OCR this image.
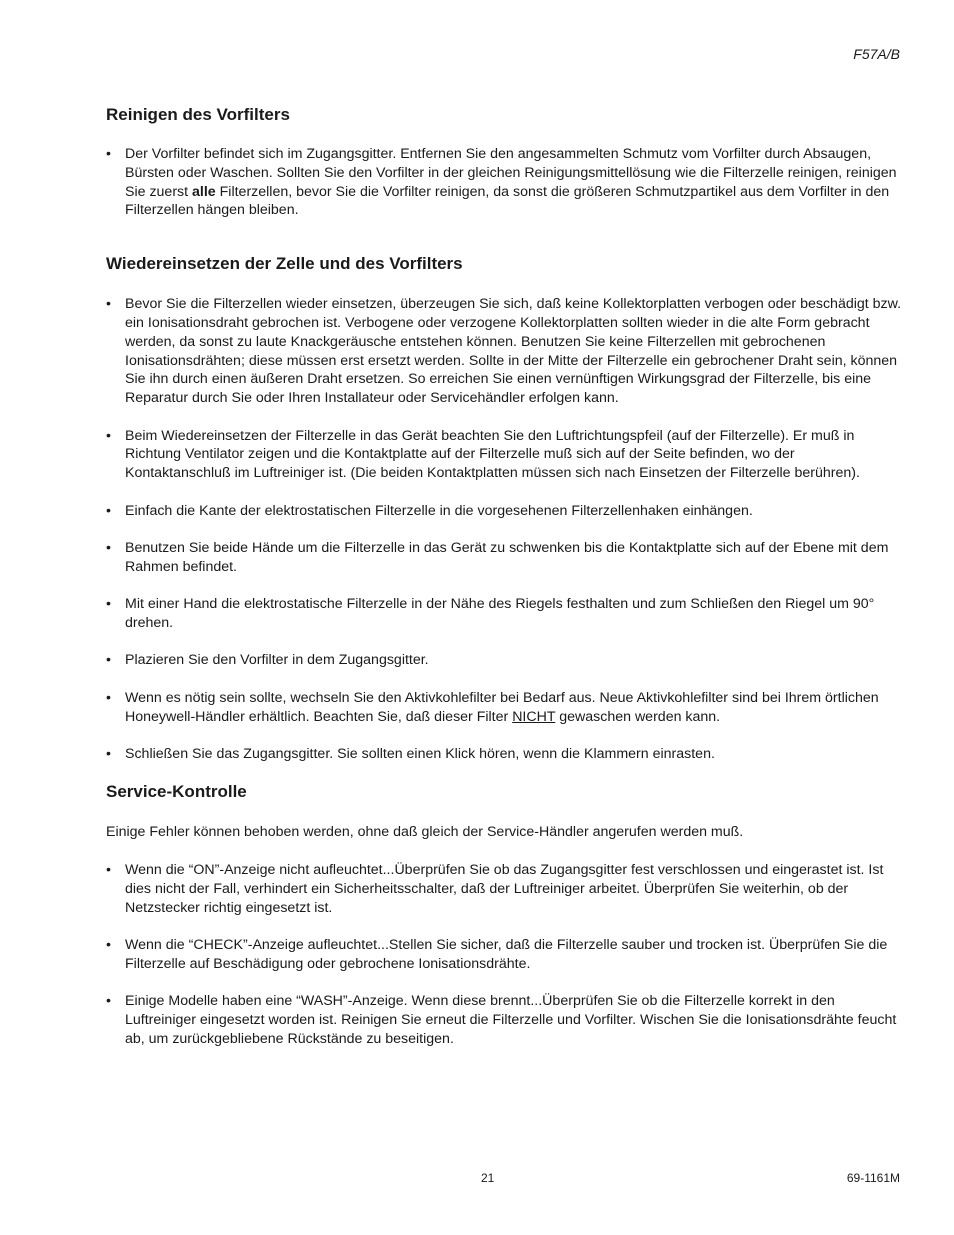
F57A/B
Reinigen des Vorfilters
• Der Vorfilter befindet sich im Zugangsgitter. Entfernen Sie den angesammelten Schmutz vom Vorfilter durch Absaugen, Bürsten oder Waschen. Sollten Sie den Vorfilter in der gleichen Reinigungsmittellösung wie die Filterzelle reinigen, reinigen Sie zuerst alle Filterzellen, bevor Sie die Vorfilter reinigen, da sonst die größeren Schmutzpartikel aus dem Vorfilter in den Filterzellen hängen bleiben.
Wiedereinsetzen der Zelle und des Vorfilters
• Bevor Sie die Filterzellen wieder einsetzen, überzeugen Sie sich, daß keine Kollektorplatten verbogen oder beschädigt bzw. ein Ionisationsdraht gebrochen ist. Verbogene oder verzogene Kollektorplatten sollten wieder in die alte Form gebracht werden, da sonst zu laute Knackgeräusche entstehen können. Benutzen Sie keine Filterzellen mit gebrochenen Ionisationsdrähten; diese müssen erst ersetzt werden. Sollte in der Mitte der Filterzelle ein gebrochener Draht sein, können Sie ihn durch einen äußeren Draht ersetzen. So erreichen Sie einen vernünftigen Wirkungsgrad der Filterzelle, bis eine Reparatur durch Sie oder Ihren Installateur oder Servicehändler erfolgen kann.
• Beim Wiedereinsetzen der Filterzelle in das Gerät beachten Sie den Luftrichtungspfeil (auf der Filterzelle). Er muß in Richtung Ventilator zeigen und die Kontaktplatte auf der Filterzelle muß sich auf der Seite befinden, wo der Kontaktanschluß im Luftreiniger ist. (Die beiden Kontaktplatten müssen sich nach Einsetzen der Filterzelle berühren).
• Einfach die Kante der elektrostatischen Filterzelle in die vorgesehenen Filterzellenhaken einhängen.
• Benutzen Sie beide Hände um die Filterzelle in das Gerät zu schwenken bis die Kontaktplatte sich auf der Ebene mit dem Rahmen befindet.
• Mit einer Hand die elektrostatische Filterzelle in der Nähe des Riegels festhalten und zum Schließen den Riegel um 90° drehen.
• Plazieren Sie den Vorfilter in dem Zugangsgitter.
• Wenn es nötig sein sollte, wechseln Sie den Aktivkohlefilter bei Bedarf aus. Neue Aktivkohlefilter sind bei Ihrem örtlichen Honeywell-Händler erhältlich. Beachten Sie, daß dieser Filter NICHT gewaschen werden kann.
• Schließen Sie das Zugangsgitter. Sie sollten einen Klick hören, wenn die Klammern einrasten.
Service-Kontrolle

Einige Fehler können behoben werden, ohne daß gleich der Service-Händler angerufen werden muß.

• Wenn die “ON”-Anzeige nicht aufleuchtet...Überprüfen Sie ob das Zugangsgitter fest verschlossen und eingerastet ist. Ist dies nicht der Fall, verhindert ein Sicherheitsschalter, daß der Luftreiniger arbeitet. Überprüfen Sie weiterhin, ob der Netzstecker richtig eingesetzt ist.
• Wenn die “CHECK”-Anzeige aufleuchtet...Stellen Sie sicher, daß die Filterzelle sauber und trocken ist. Überprüfen Sie die Filterzelle auf Beschädigung oder gebrochene Ionisationsdrähte.
• Einige Modelle haben eine “WASH”-Anzeige. Wenn diese brennt...Überprüfen Sie ob die Filterzelle korrekt in den Luftreiniger eingesetzt worden ist. Reinigen Sie erneut die Filterzelle und Vorfilter. Wischen Sie die Ionisationsdrähte feucht ab, um zurückgebliebene Rückstände zu beseitigen.
21	69-1161M
